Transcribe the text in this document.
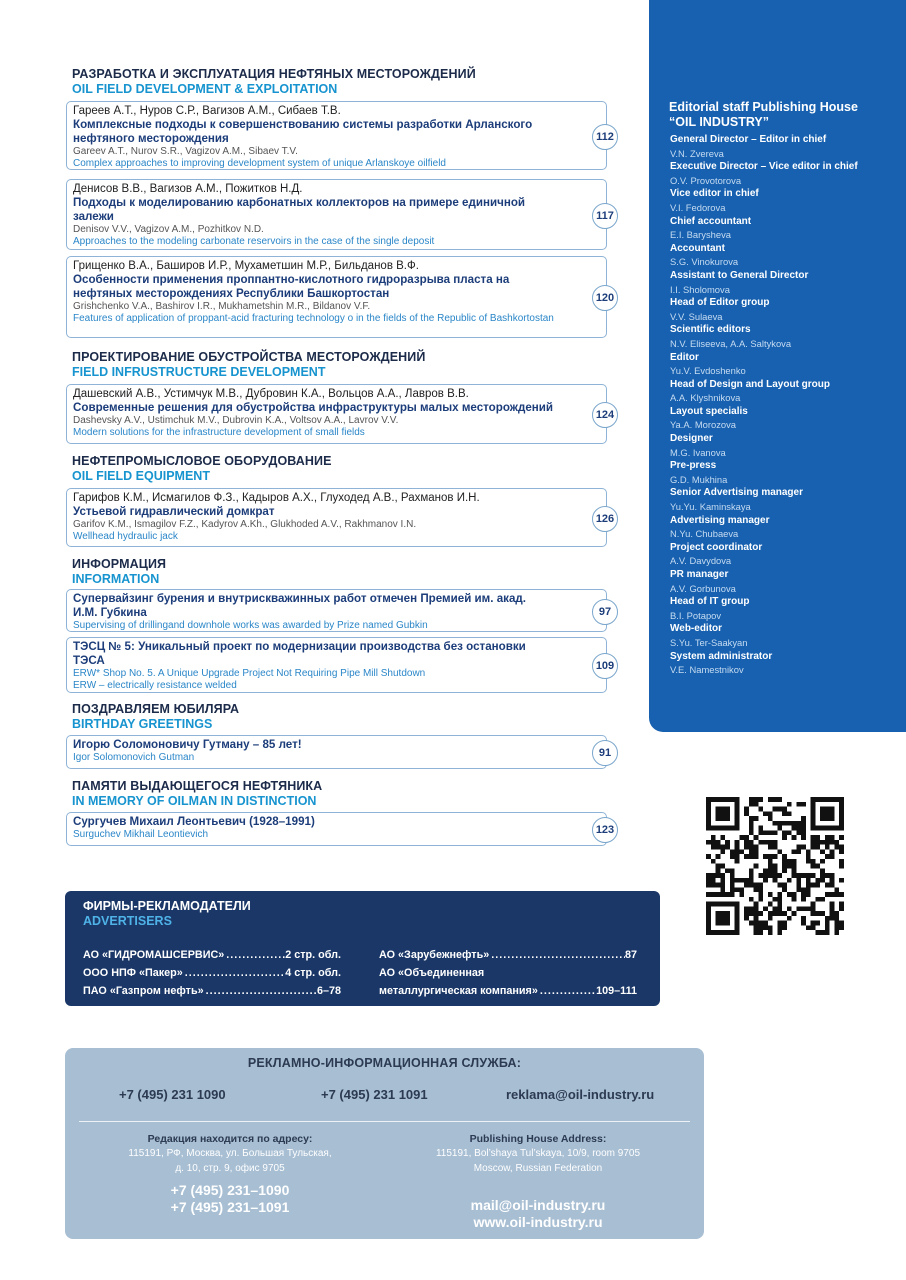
РАЗРАБОТКА И ЭКСПЛУАТАЦИЯ НЕФТЯНЫХ МЕСТОРОЖДЕНИЙ
OIL FIELD DEVELOPMENT & EXPLOITATION
Гареев А.Т., Нуров С.Р., Вагизов А.М., Сибаев Т.В.
Комплексные подходы к совершенствованию системы разработки Арланского нефтяного месторождения
Gareev A.T., Nurov S.R., Vagizov A.M., Sibaev T.V.
Complex approaches to improving development system of unique Arlanskoye oilfield
112
Денисов В.В., Вагизов А.М., Пожитков Н.Д.
Подходы к моделированию карбонатных коллекторов на примере единичной залежи
Denisov V.V., Vagizov A.M., Pozhitkov N.D.
Approaches to the modeling carbonate reservoirs in the case of the single deposit
117
Грищенко В.А., Баширов И.Р., Мухаметшин М.Р., Бильданов В.Ф.
Особенности применения проппантно-кислотного гидроразрыва пласта на нефтяных месторождениях Республики Башкортостан
Grishchenko V.A., Bashirov I.R., Mukhametshin M.R., Bildanov V.F.
Features of application of proppant-acid fracturing technology o in the fields of the Republic of Bashkortostan
120
ПРОЕКТИРОВАНИЕ ОБУСТРОЙСТВА МЕСТОРОЖДЕНИЙ
FIELD INFRUSTRUCTURE DEVELOPMENT
Дашевский А.В., Устимчук М.В., Дубровин К.А., Вольцов А.А., Лавров В.В.
Современные решения для обустройства инфраструктуры малых месторождений
Dashevsky A.V., Ustimchuk M.V., Dubrovin K.A., Voltsov A.A., Lavrov V.V.
Modern solutions for the infrastructure development of small fields
124
НЕФТЕПРОМЫСЛОВОЕ ОБОРУДОВАНИЕ
OIL FIELD EQUIPMENT
Гарифов К.М., Исмагилов Ф.З., Кадыров А.Х., Глуходед А.В., Рахманов И.Н.
Устьевой гидравлический домкрат
Garifov K.M., Ismagilov F.Z., Kadyrov A.Kh., Glukhoded A.V., Rakhmanov I.N.
Wellhead hydraulic jack
126
ИНФОРМАЦИЯ
INFORMATION
Супервайзинг бурения и внутрискважинных работ отмечен Премией им. акад. И.М. Губкина
Supervising of drillingand downhole works was awarded by Prize named Gubkin
97
ТЭСЦ № 5: Уникальный проект по модернизации производства без остановки ТЭСА
ERW* Shop No. 5. A Unique Upgrade Project Not Requiring Pipe Mill Shutdown
ERW – electrically resistance welded
109
ПОЗДРАВЛЯЕМ ЮБИЛЯРА
BIRTHDAY GREETINGS
Игорю Соломоновичу Гутману – 85 лет!
Igor Solomonovich Gutman	91
ПАМЯТИ ВЫДАЮЩЕГОСЯ НЕФТЯНИКА
IN MEMORY OF OILMAN IN DISTINCTION
Сургучев Михаил Леонтьевич (1928–1991)
Surguchev Mikhail Leontievich	123
Editorial staff Publishing House
“OIL INDUSTRY”
General Director – Editor in chief
V.N. Zvereva
Executive Director – Vice editor in chief
O.V. Provotorova
Vice editor in chief
V.I. Fedorova
Chief accountant
E.I. Barysheva
Accountant
S.G. Vinokurova
Assistant to General Director
I.I. Sholomova
Head of Editor group
V.V. Sulaeva
Scientific editors
N.V. Eliseeva, A.A. Saltykova
Editor
Yu.V. Evdoshenko
Head of Design and Layout group
A.A. Klyshnikova
Layout specialis
Ya.A. Morozova
Designer
M.G. Ivanova
Pre-press
G.D. Mukhina
Senior Advertising manager
Yu.Yu. Kaminskaya
Advertising manager
N.Yu. Chubaeva
Project coordinator
A.V. Davydova
PR manager
A.V. Gorbunova
Head of IT group
B.I. Potapov
Web-editor
S.Yu. Ter-Saakyan
System administrator
V.E. Namestnikov
ФИРМЫ-РЕКЛАМОДАТЕЛИ
ADVERTISERS
АО «ГИДРОМАШСЕРВИС» .....	2 стр. обл.
ООО НПФ «Пакер» .....	4 стр. обл.
ПАО «Газпром нефть» .....	6–78
АО «Зарубежнефть» .....	87
АО «Объединенная
металлургическая компания» .....	109–111
РЕКЛАМНО-ИНФОРМАЦИОННАЯ СЛУЖБА:
+7 (495) 231 1090	+7 (495) 231 1091	reklama@oil-industry.ru
Редакция находится по адресу:
115191, РФ, Москва, ул. Большая Тульская,
д. 10, стр. 9, офис 9705
+7 (495) 231–1090
+7 (495) 231–1091
Publishing House Address:
115191, Bol’shaya Tul’skaya, 10/9, room 9705
Moscow, Russian Federation
mail@oil-industry.ru
www.oil-industry.ru
